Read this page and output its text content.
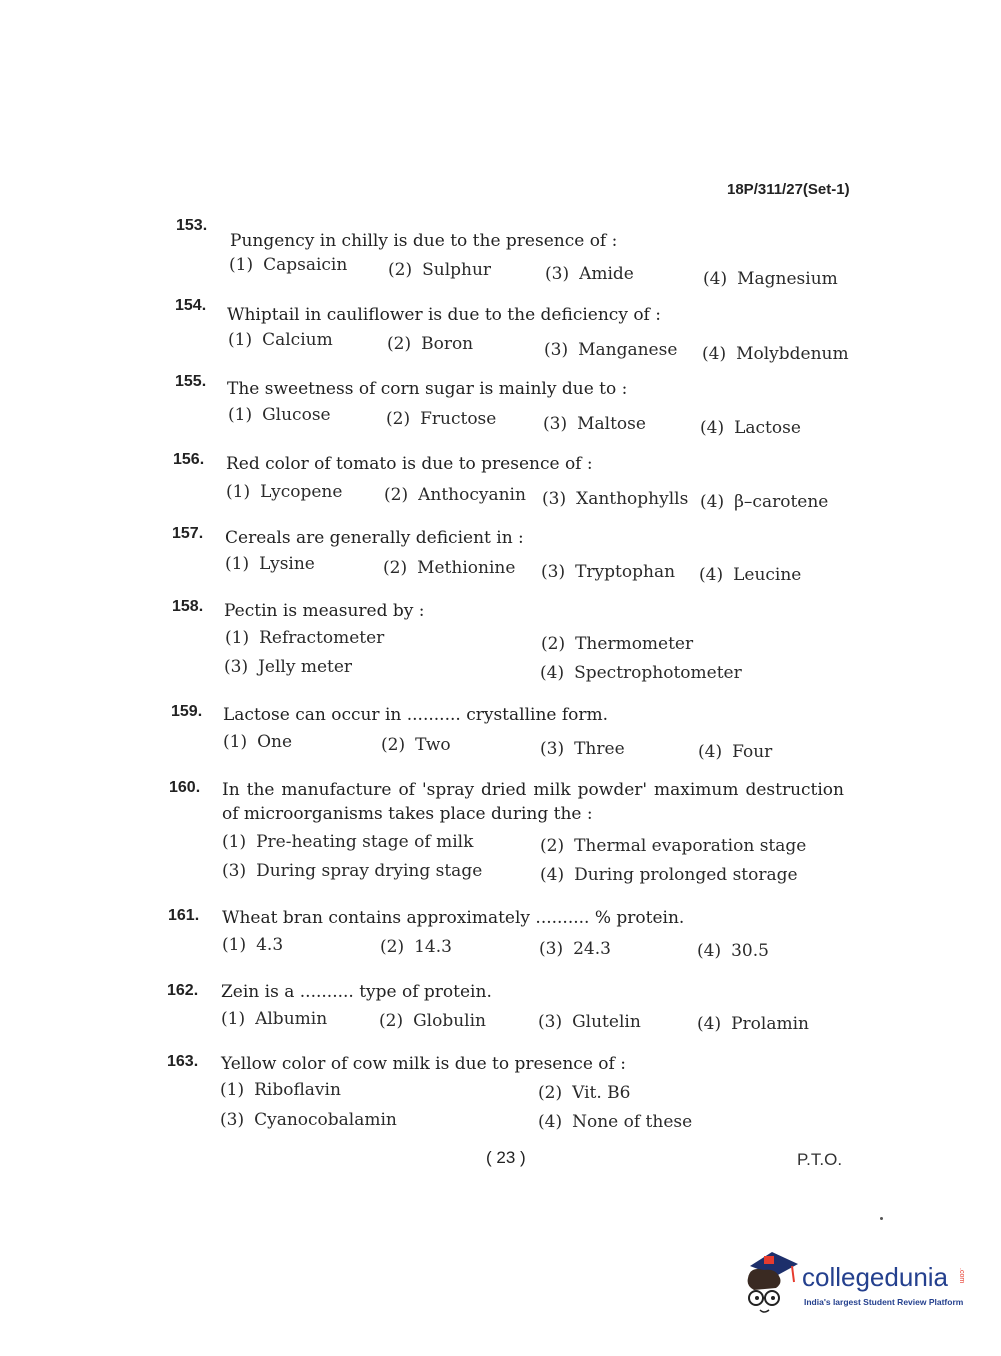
18P/311/27(Set-1)
153.
Pungency in chilly is due to the presence of :
(1) Capsaicin (2) Sulphur	(3) Amide	(4) Magnesium
154. Whiptail in cauliflower is due to the deficiency of :
(1) Calcium	(2) Boron	(3) Manganese (4) Molybdenum
155. The sweetness of corn sugar is mainly due to :
(1) Glucose	(2) Fructose	(3) Maltose	(4) Lactose
156. Red color of tomato is due to presence of :
(1) Lycopene (2) Anthocyanin (3) Xanthophylls (4) β–carotene
157. Cereals are generally deficient in :
(1) Lysine	(2) Methionine (3) Tryptophan (4) Leucine
158. Pectin is measured by :
(1) Refractometer	(2) Thermometer
(3) Jelly meter	(4) Spectrophotometer
159. Lactose can occur in .......... crystalline form.
(1) One	(2) Two	(3) Three	(4) Four
160. In the manufacture of 'spray dried milk powder' maximum destruction of microorganisms takes place during the :
(1) Pre-heating stage of milk	(2) Thermal evaporation stage
(3) During spray drying stage	(4) During prolonged storage
161. Wheat bran contains approximately .......... % protein.
(1) 4.3	(2) 14.3	(3) 24.3	(4) 30.5
162. Zein is a .......... type of protein.
(1) Albumin	(2) Globulin	(3) Glutelin	(4) Prolamin
163. Yellow color of cow milk is due to presence of :
(1) Riboflavin	(2) Vit. B6
(3) Cyanocobalamin	(4) None of these
( 23 )	P.T.O.
collegedunia .com
India's largest Student Review Platform
